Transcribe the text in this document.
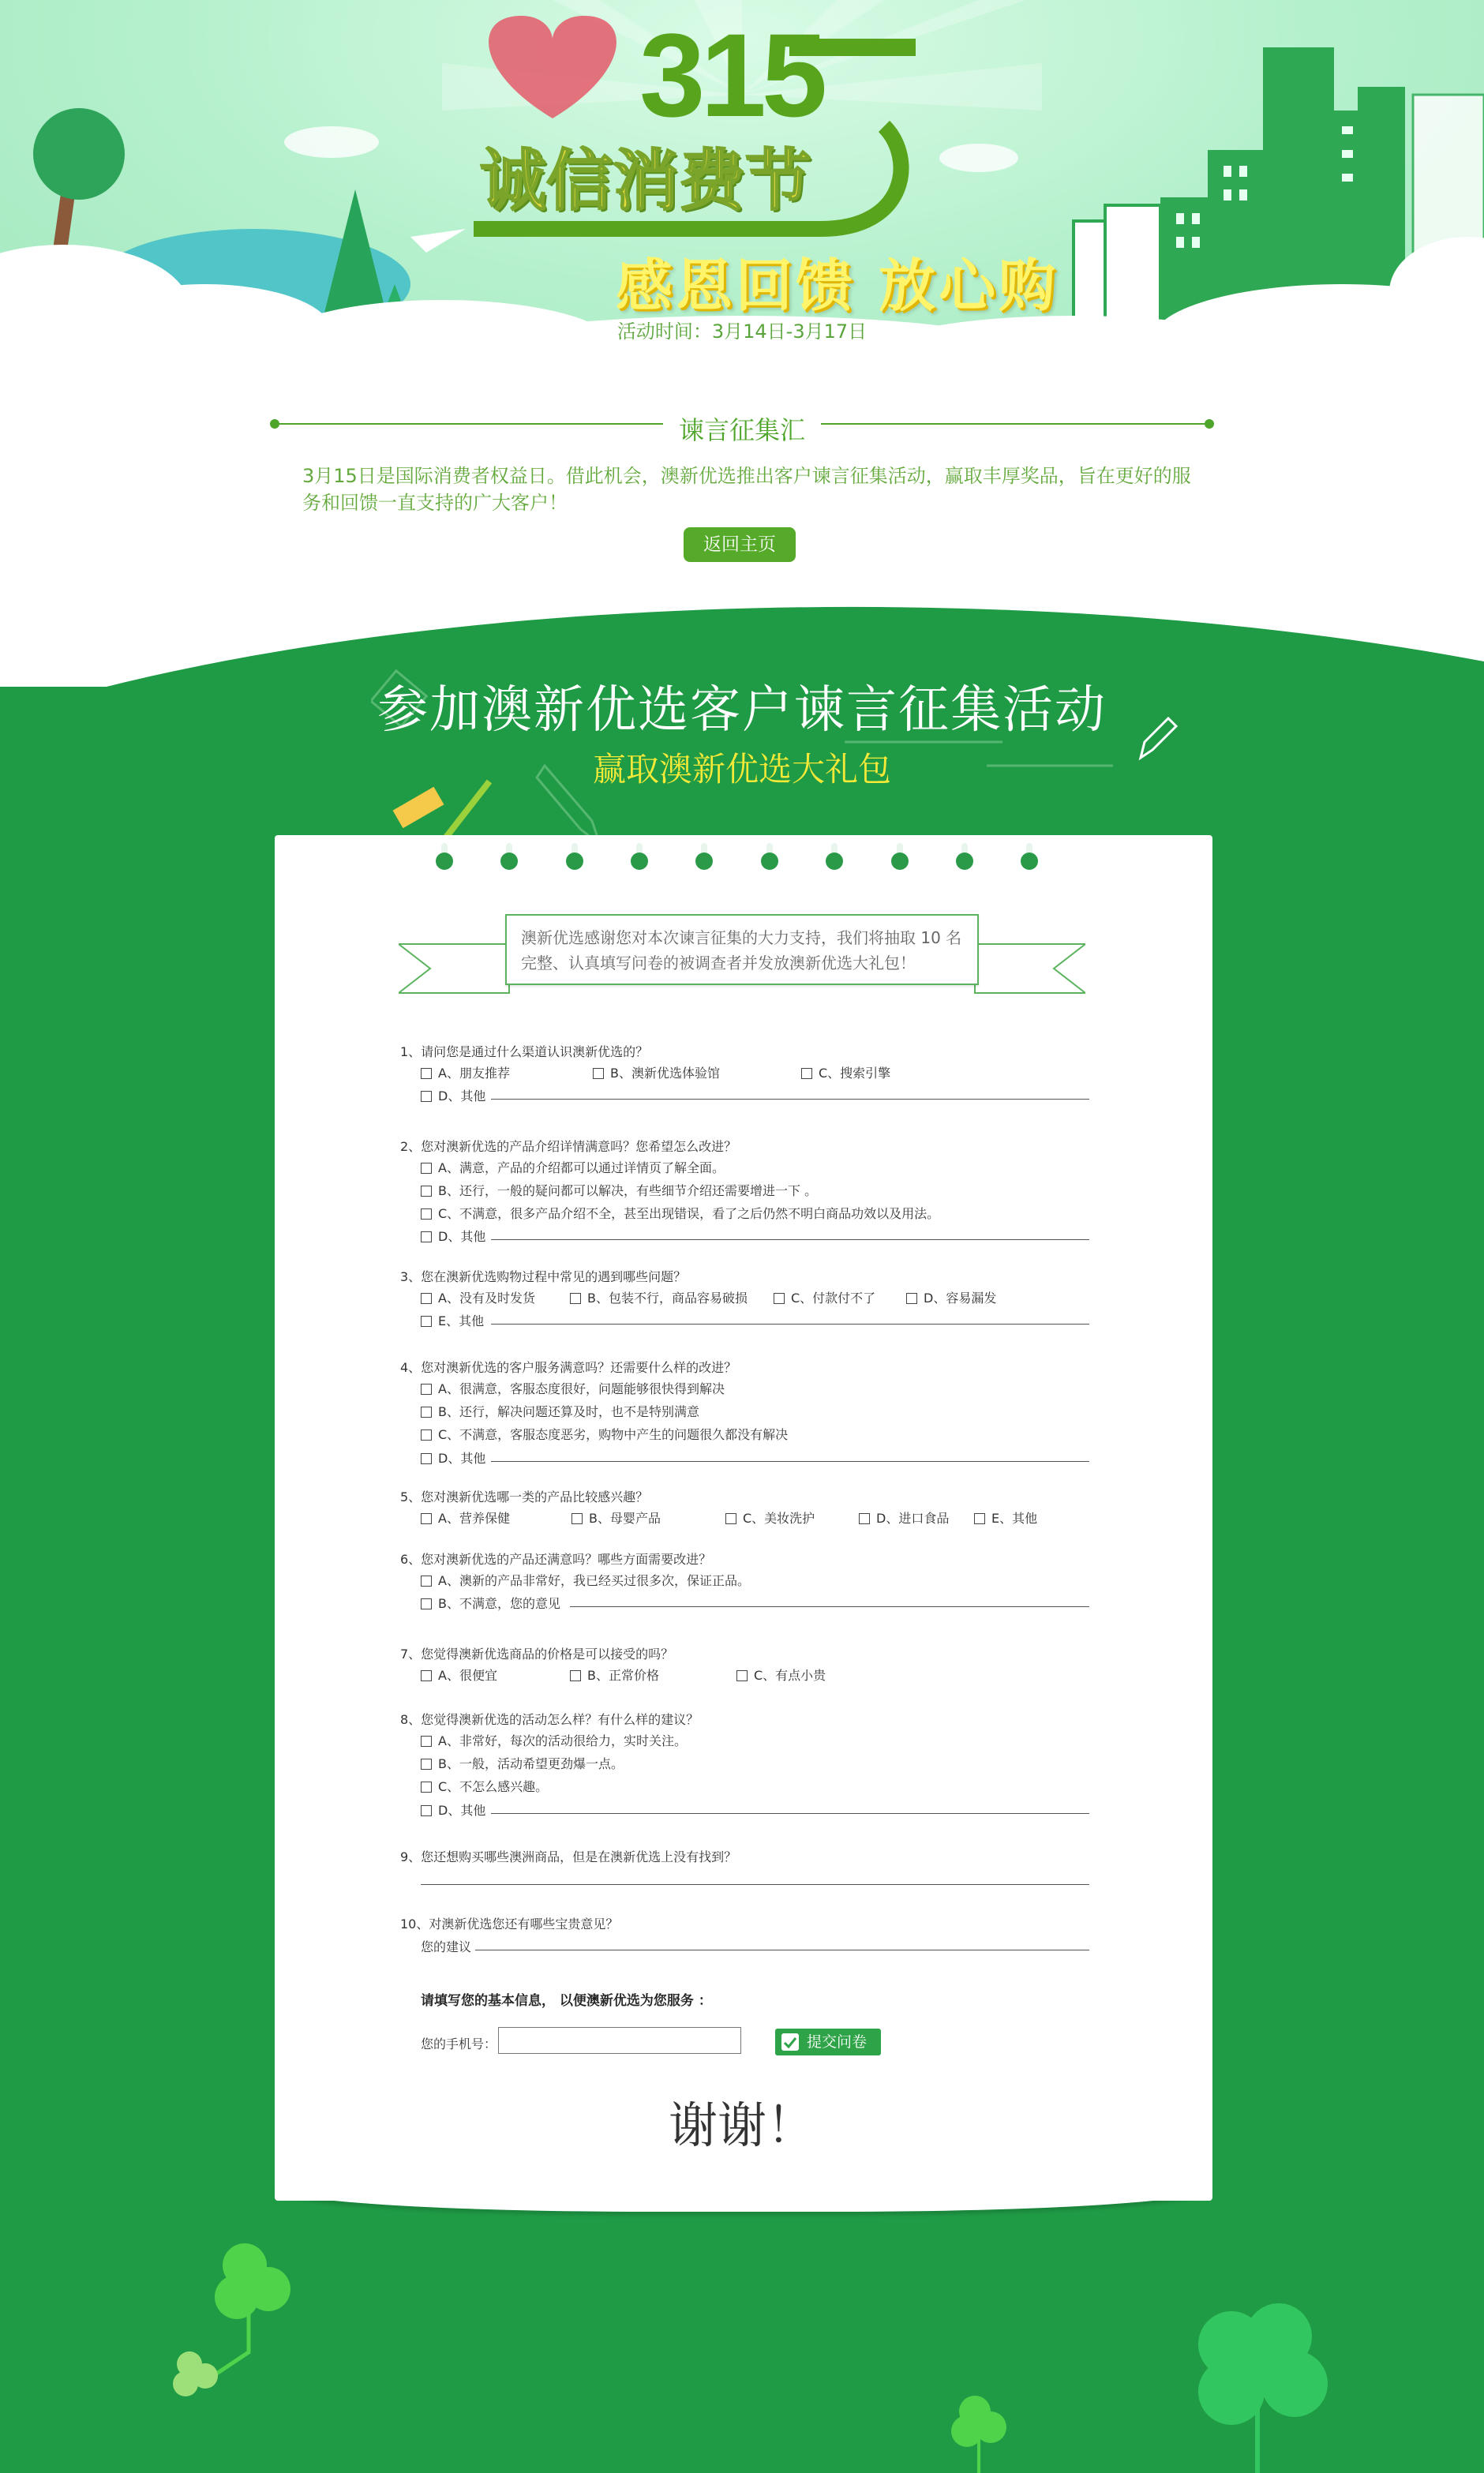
315
诚信消费节
感恩回馈 放心购
活动时间：3月14日-3月17日
谏言征集汇
3月15日是国际消费者权益日。借此机会，澳新优选推出客户谏言征集活动，赢取丰厚奖品，旨在更好的服务和回馈一直支持的广大客户！
返回主页
参加澳新优选客户谏言征集活动
赢取澳新优选大礼包
澳新优选感谢您对本次谏言征集的大力支持，我们将抽取 10 名
完整、认真填写问卷的被调查者并发放澳新优选大礼包！
1、请问您是通过什么渠道认识澳新优选的？
A、朋友推荐	B、澳新优选体验馆	C、搜索引擎
D、其他
2、您对澳新优选的产品介绍详情满意吗？您希望怎么改进？
A、满意，产品的介绍都可以通过详情页了解全面。
B、还行，一般的疑问都可以解决，有些细节介绍还需要增进一下 。
C、不满意，很多产品介绍不全，甚至出现错误，看了之后仍然不明白商品功效以及用法。
D、其他
3、您在澳新优选购物过程中常见的遇到哪些问题？
A、没有及时发货	B、包装不行，商品容易破损	C、付款付不了	D、容易漏发
E、其他
4、您对澳新优选的客户服务满意吗？还需要什么样的改进？
A、很满意，客服态度很好，问题能够很快得到解决
B、还行，解决问题还算及时，也不是特别满意
C、不满意，客服态度恶劣，购物中产生的问题很久都没有解决
D、其他
5、您对澳新优选哪一类的产品比较感兴趣？
A、营养保健	B、母婴产品	C、美妆洗护	D、进口食品	E、其他
6、您对澳新优选的产品还满意吗？哪些方面需要改进？
A、澳新的产品非常好，我已经买过很多次，保证正品。
B、不满意，您的意见
7、您觉得澳新优选商品的价格是可以接受的吗？
A、很便宜	B、正常价格	C、有点小贵
8、您觉得澳新优选的活动怎么样？有什么样的建议？
A、非常好，每次的活动很给力，实时关注。
B、一般，活动希望更劲爆一点。
C、不怎么感兴趣。
D、其他
9、您还想购买哪些澳洲商品，但是在澳新优选上没有找到？
10、对澳新优选您还有哪些宝贵意见？
您的建议
请填写您的基本信息， 以便澳新优选为您服务 ：
您的手机号：	提交问卷
谢谢！
